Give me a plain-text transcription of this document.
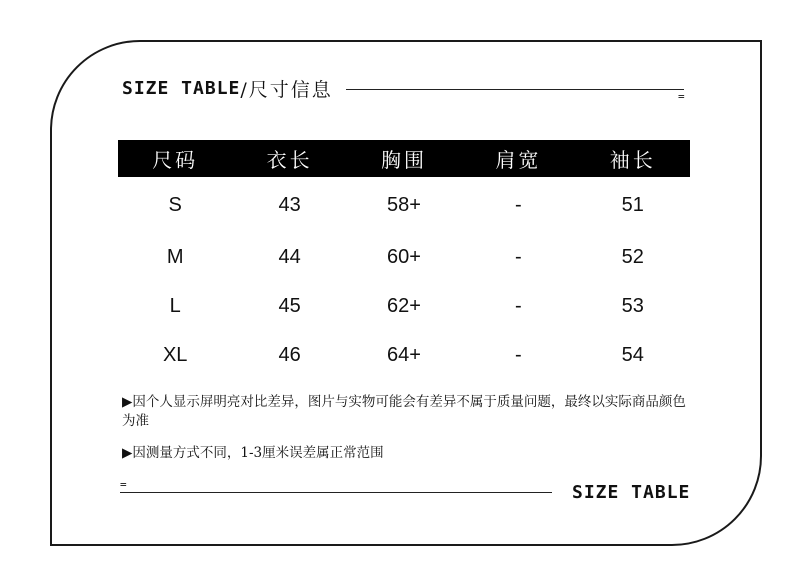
SIZE TABLE /尺寸信息	=
尺码	衣长	胸围	肩宽	袖长
S	43	58+	-	51
M	44	60+	-	52
L	45	62+	-	53
XL	46	64+	-	54
▶因个人显示屏明亮对比差异，图片与实物可能会有差异不属于质量问题，最终以实际商品颜色为准
▶因测量方式不同，1-3厘米误差属正常范围
=	SIZE TABLE
